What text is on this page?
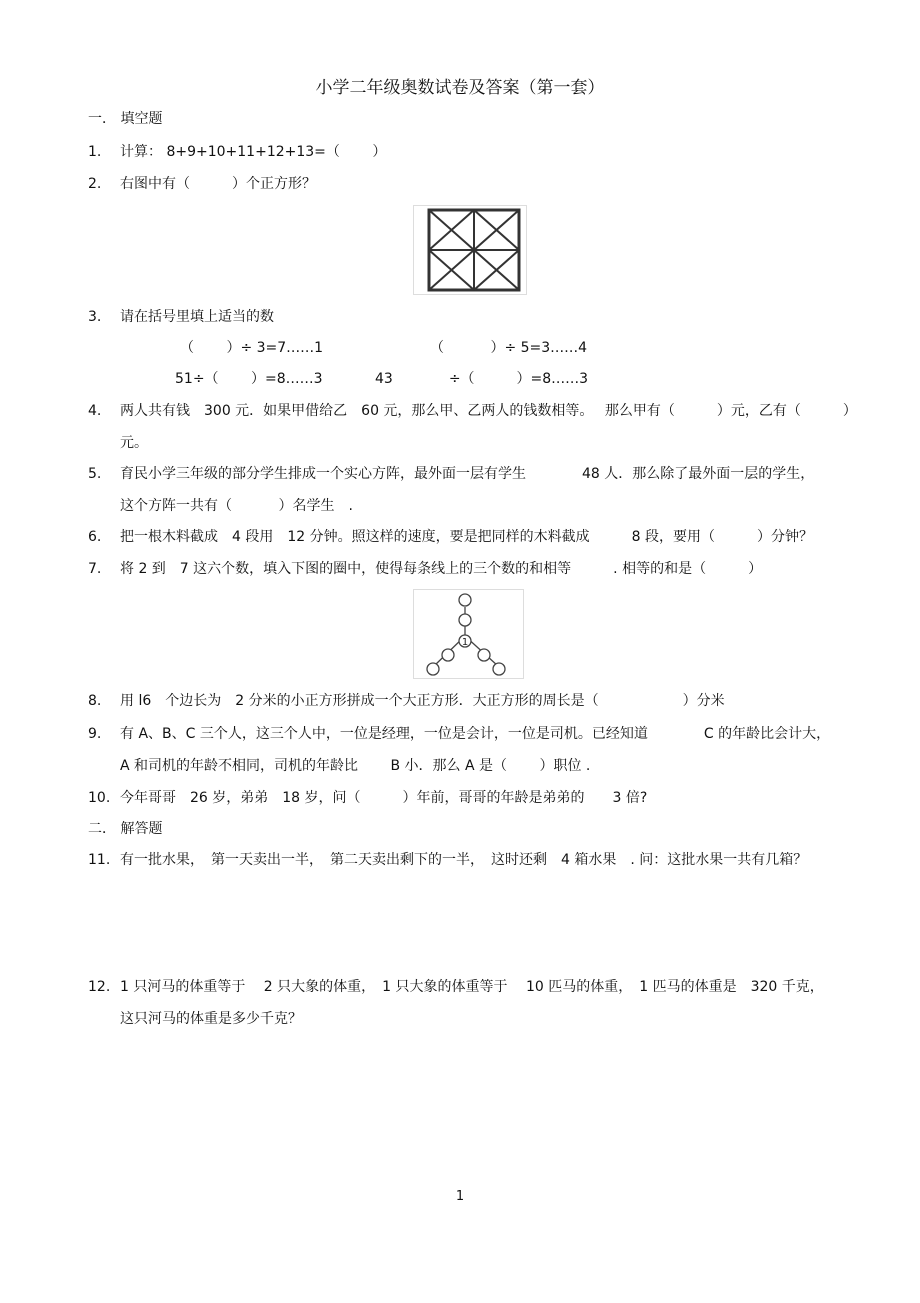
小学二年级奥数试卷及答案（第一套）
一． 填空题
1. 计算： 8+9+10+11+12+13=（　　 ）
2. 右图中有（　　　）个正方形？
3. 请在括号里填上适当的数
（　　 ）÷ 3=7……1	（　　　 ）÷ 5=3……4
51÷（　　 ）=8……3	43　　　　÷（　　　）=8……3
4. 两人共有钱　300 元．如果甲借给乙　60 元，那么甲、乙两人的钱数相等。　 那么甲有（　　　）元，乙有（　　　）
元。
5. 育民小学三年级的部分学生排成一个实心方阵，最外面一层有学生　　　　48 人．那么除了最外面一层的学生，
这个方阵一共有（　　　 ）名学生　.
6. 把一根木料截成　4 段用　12 分钟。照这样的速度，要是把同样的木料截成　　　8 段，要用（　　　）分钟？
7. 将 2 到　7 这六个数，填入下图的圈中，使得每条线上的三个数的和相等　　　. 相等的和是（　　　）
1
8. 用 l6　个边长为　2 分米的小正方形拼成一个大正方形．大正方形的周长是（　　　　　　）分米
9. 有 A、B、C 三个人，这三个人中，一位是经理，一位是会计，一位是司机。已经知道　　　　C 的年龄比会计大，
A 和司机的年龄不相同，司机的年龄比　　 B 小．那么 A 是（　　 ）职位 .
10. 今年哥哥　26 岁，弟弟　18 岁，问（　　　）年前，哥哥的年龄是弟弟的　　3 倍?
二． 解答题
11. 有一批水果，　第一天卖出一半，　第二天卖出剩下的一半，　这时还剩　4 箱水果　. 问：这批水果一共有几箱？
12. 1 只河马的体重等于　 2 只大象的体重，　1 只大象的体重等于　 10 匹马的体重，　1 匹马的体重是　320 千克，
这只河马的体重是多少千克？
1
